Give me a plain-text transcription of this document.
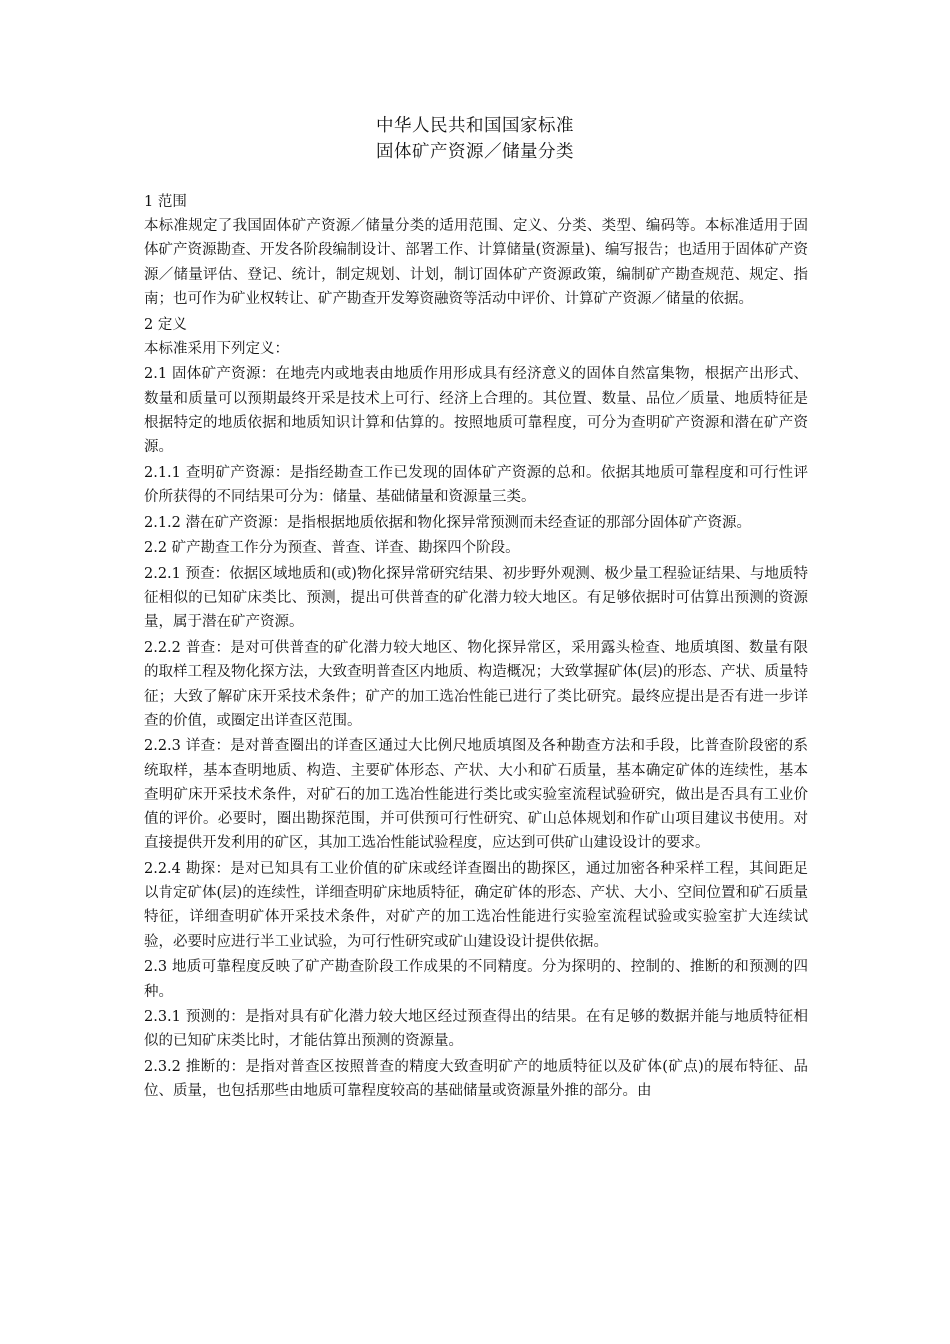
中华人民共和国国家标准
固体矿产资源／储量分类

1 范围

本标准规定了我国固体矿产资源／储量分类的适用范围、定义、分类、类型、编码等。本标准适用于固体矿产资源勘查、开发各阶段编制设计、部署工作、计算储量(资源量)、编写报告；也适用于固体矿产资源／储量评估、登记、统计，制定规划、计划，制订固体矿产资源政策，编制矿产勘查规范、规定、指南；也可作为矿业权转让、矿产勘查开发筹资融资等活动中评价、计算矿产资源／储量的依据。

2 定义

本标准采用下列定义：

2.1 固体矿产资源：在地壳内或地表由地质作用形成具有经济意义的固体自然富集物，根据产出形式、数量和质量可以预期最终开采是技术上可行、经济上合理的。其位置、数量、品位／质量、地质特征是根据特定的地质依据和地质知识计算和估算的。按照地质可靠程度，可分为查明矿产资源和潜在矿产资源。

2.1.1 查明矿产资源：是指经勘查工作已发现的固体矿产资源的总和。依据其地质可靠程度和可行性评价所获得的不同结果可分为：储量、基础储量和资源量三类。

2.1.2 潜在矿产资源：是指根据地质依据和物化探异常预测而未经查证的那部分固体矿产资源。

2.2 矿产勘查工作分为预查、普查、详查、勘探四个阶段。

2.2.1 预查：依据区域地质和(或)物化探异常研究结果、初步野外观测、极少量工程验证结果、与地质特征相似的已知矿床类比、预测，提出可供普查的矿化潜力较大地区。有足够依据时可估算出预测的资源量，属于潜在矿产资源。

2.2.2 普查：是对可供普查的矿化潜力较大地区、物化探异常区，采用露头检查、地质填图、数量有限的取样工程及物化探方法，大致查明普查区内地质、构造概况；大致掌握矿体(层)的形态、产状、质量特征；大致了解矿床开采技术条件；矿产的加工选冶性能已进行了类比研究。最终应提出是否有进一步详查的价值，或圈定出详查区范围。

2.2.3 详查：是对普查圈出的详查区通过大比例尺地质填图及各种勘查方法和手段，比普查阶段密的系统取样，基本查明地质、构造、主要矿体形态、产状、大小和矿石质量，基本确定矿体的连续性，基本查明矿床开采技术条件，对矿石的加工选冶性能进行类比或实验室流程试验研究，做出是否具有工业价值的评价。必要时，圈出勘探范围，并可供预可行性研究、矿山总体规划和作矿山项目建议书使用。对直接提供开发利用的矿区，其加工选冶性能试验程度，应达到可供矿山建设设计的要求。

2.2.4 勘探：是对已知具有工业价值的矿床或经详查圈出的勘探区，通过加密各种采样工程，其间距足以肯定矿体(层)的连续性，详细查明矿床地质特征，确定矿体的形态、产状、大小、空间位置和矿石质量特征，详细查明矿体开采技术条件，对矿产的加工选冶性能进行实验室流程试验或实验室扩大连续试验，必要时应进行半工业试验，为可行性研究或矿山建设设计提供依据。

2.3 地质可靠程度反映了矿产勘查阶段工作成果的不同精度。分为探明的、控制的、推断的和预测的四种。

2.3.1 预测的：是指对具有矿化潜力较大地区经过预查得出的结果。在有足够的数据并能与地质特征相似的已知矿床类比时，才能估算出预测的资源量。

2.3.2 推断的：是指对普查区按照普查的精度大致查明矿产的地质特征以及矿体(矿点)的展布特征、品位、质量，也包括那些由地质可靠程度较高的基础储量或资源量外推的部分。由
